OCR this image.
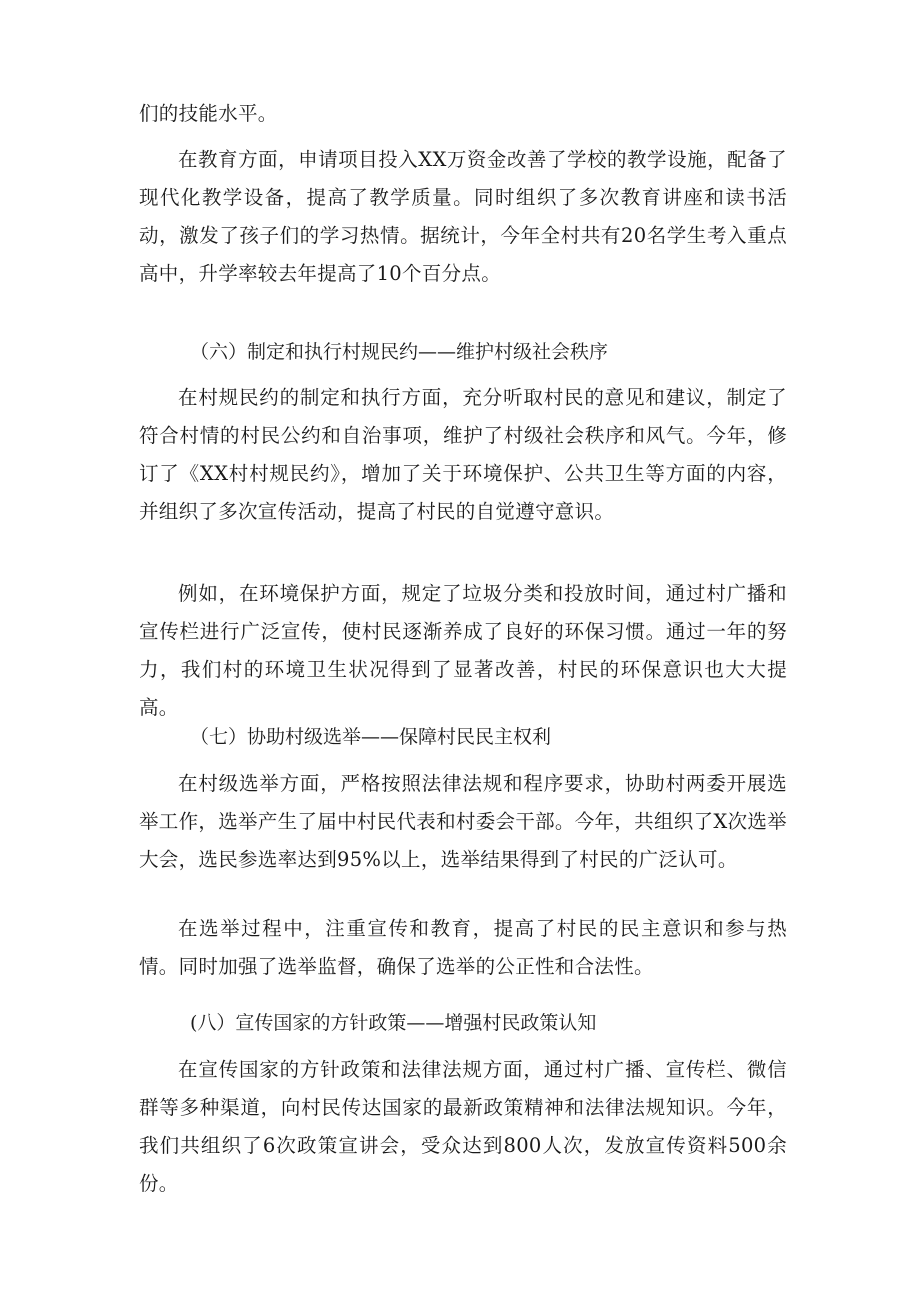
们的技能水平。

在教育方面，申请项目投入XX万资金改善了学校的教学设施，配备了现代化教学设备，提高了教学质量。同时组织了多次教育讲座和读书活动，激发了孩子们的学习热情。据统计，今年全村共有20名学生考入重点高中，升学率较去年提高了10个百分点。

（六）制定和执行村规民约——维护村级社会秩序

在村规民约的制定和执行方面，充分听取村民的意见和建议，制定了符合村情的村民公约和自治事项，维护了村级社会秩序和风气。今年，修订了《XX村村规民约》，增加了关于环境保护、公共卫生等方面的内容，并组织了多次宣传活动，提高了村民的自觉遵守意识。

例如，在环境保护方面，规定了垃圾分类和投放时间，通过村广播和宣传栏进行广泛宣传，使村民逐渐养成了良好的环保习惯。通过一年的努力，我们村的环境卫生状况得到了显著改善，村民的环保意识也大大提高。

（七）协助村级选举——保障村民民主权利

在村级选举方面，严格按照法律法规和程序要求，协助村两委开展选举工作，选举产生了届中村民代表和村委会干部。今年，共组织了X次选举大会，选民参选率达到95%以上，选举结果得到了村民的广泛认可。

在选举过程中，注重宣传和教育，提高了村民的民主意识和参与热情。同时加强了选举监督，确保了选举的公正性和合法性。

(八）宣传国家的方针政策——增强村民政策认知

在宣传国家的方针政策和法律法规方面，通过村广播、宣传栏、微信群等多种渠道，向村民传达国家的最新政策精神和法律法规知识。今年，我们共组织了6次政策宣讲会，受众达到800人次，发放宣传资料500余份。
